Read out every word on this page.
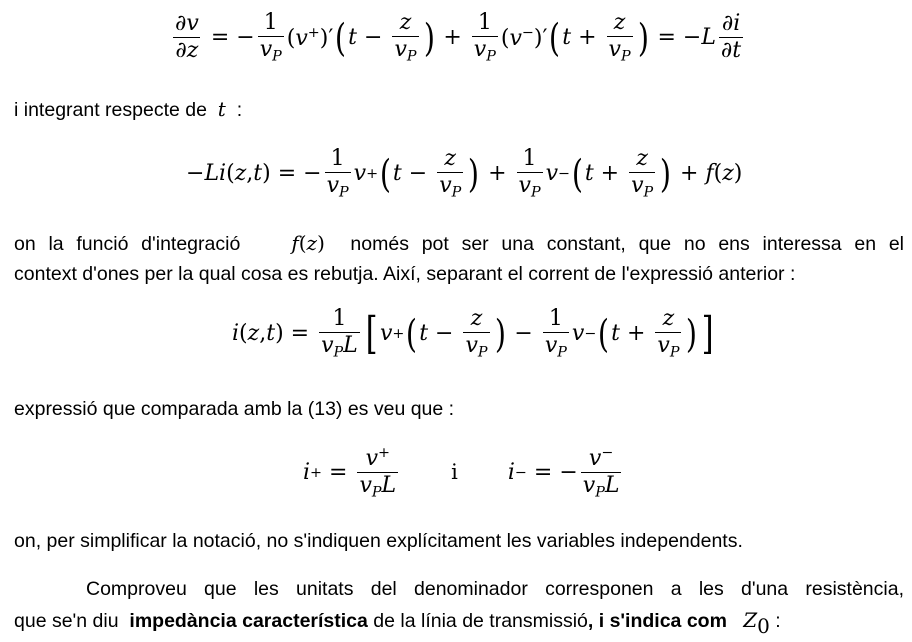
$\frac{\partial v}{\partial z}$ = − $\frac{1}{v_P} (v^+)'$ ( $t - \frac{z}{v_P}$ ) + $\frac{1}{v_P} (v^-)'$ ( $t + \frac{z}{v_P}$ ) = − L $\frac{\partial i}{\partial t}$
i integrant respecte de t :
− Li ( z , t ) = − $\frac{1}{v_P}$ v + ( $t - \frac{z}{v_P}$ ) + $\frac{1}{v_P}$ v − ( $t + \frac{z}{v_P}$ ) + f ( z )
on la funció d'integració	f(z) només pot ser una constant, que no ens interessa en el
context d'ones per la qual cosa es rebutja. Així, separant el corrent de l'expressió anterior :
i ( z , t ) = $\frac{1}{v_PL}$ [ v + ( $t - \frac{z}{v_P}$ ) − $\frac{1}{v_P}$ v − ( $t + \frac{z}{v_P}$ ) ]
expressió que comparada amb la (13) es veu que :
i + = $\frac{v^+}{v_PL}$	i i − = − $\frac{v^-}{v_PL}$
on, per simplificar la notació, no s'indiquen explícitament les variables independents.
Comproveu que les unitats del denominador corresponen a les d'una resistència,
que se'n diu impedància característica de la línia de transmissió, i s'indica com $Z_0$ :
